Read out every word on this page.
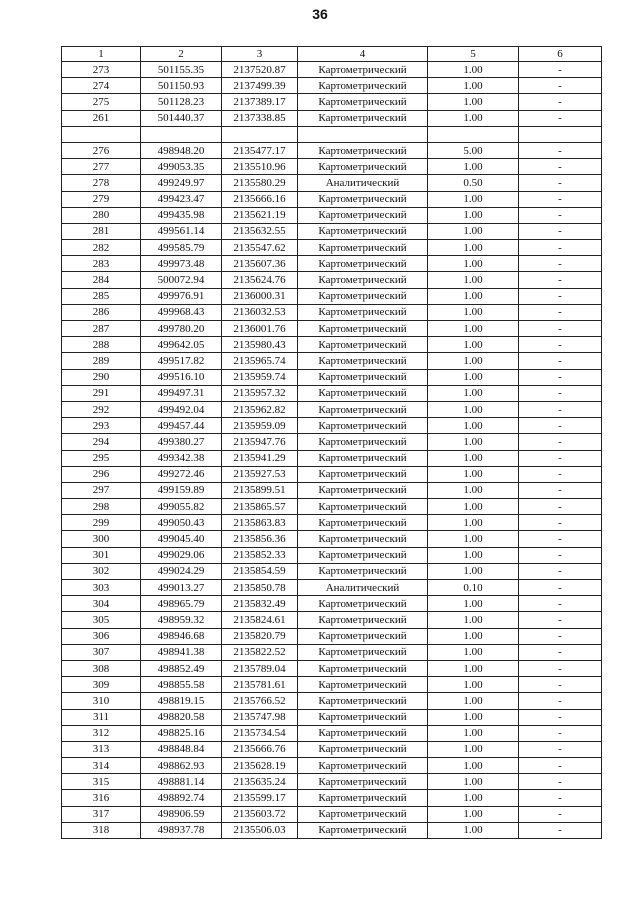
36
1	2	3	4	5	6
273	501155.35	2137520.87	Картометрический	1.00	-
274	501150.93	2137499.39	Картометрический	1.00	-
275	501128.23	2137389.17	Картометрический	1.00	-
261	501440.37	2137338.85	Картометрический	1.00	-

276	498948.20	2135477.17	Картометрический	5.00	-
277	499053.35	2135510.96	Картометрический	1.00	-
278	499249.97	2135580.29	Аналитический	0.50	-
279	499423.47	2135666.16	Картометрический	1.00	-
280	499435.98	2135621.19	Картометрический	1.00	-
281	499561.14	2135632.55	Картометрический	1.00	-
282	499585.79	2135547.62	Картометрический	1.00	-
283	499973.48	2135607.36	Картометрический	1.00	-
284	500072.94	2135624.76	Картометрический	1.00	-
285	499976.91	2136000.31	Картометрический	1.00	-
286	499968.43	2136032.53	Картометрический	1.00	-
287	499780.20	2136001.76	Картометрический	1.00	-
288	499642.05	2135980.43	Картометрический	1.00	-
289	499517.82	2135965.74	Картометрический	1.00	-
290	499516.10	2135959.74	Картометрический	1.00	-
291	499497.31	2135957.32	Картометрический	1.00	-
292	499492.04	2135962.82	Картометрический	1.00	-
293	499457.44	2135959.09	Картометрический	1.00	-
294	499380.27	2135947.76	Картометрический	1.00	-
295	499342.38	2135941.29	Картометрический	1.00	-
296	499272.46	2135927.53	Картометрический	1.00	-
297	499159.89	2135899.51	Картометрический	1.00	-
298	499055.82	2135865.57	Картометрический	1.00	-
299	499050.43	2135863.83	Картометрический	1.00	-
300	499045.40	2135856.36	Картометрический	1.00	-
301	499029.06	2135852.33	Картометрический	1.00	-
302	499024.29	2135854.59	Картометрический	1.00	-
303	499013.27	2135850.78	Аналитический	0.10	-
304	498965.79	2135832.49	Картометрический	1.00	-
305	498959.32	2135824.61	Картометрический	1.00	-
306	498946.68	2135820.79	Картометрический	1.00	-
307	498941.38	2135822.52	Картометрический	1.00	-
308	498852.49	2135789.04	Картометрический	1.00	-
309	498855.58	2135781.61	Картометрический	1.00	-
310	498819.15	2135766.52	Картометрический	1.00	-
311	498820.58	2135747.98	Картометрический	1.00	-
312	498825.16	2135734.54	Картометрический	1.00	-
313	498848.84	2135666.76	Картометрический	1.00	-
314	498862.93	2135628.19	Картометрический	1.00	-
315	498881.14	2135635.24	Картометрический	1.00	-
316	498892.74	2135599.17	Картометрический	1.00	-
317	498906.59	2135603.72	Картометрический	1.00	-
318	498937.78	2135506.03	Картометрический	1.00	-
